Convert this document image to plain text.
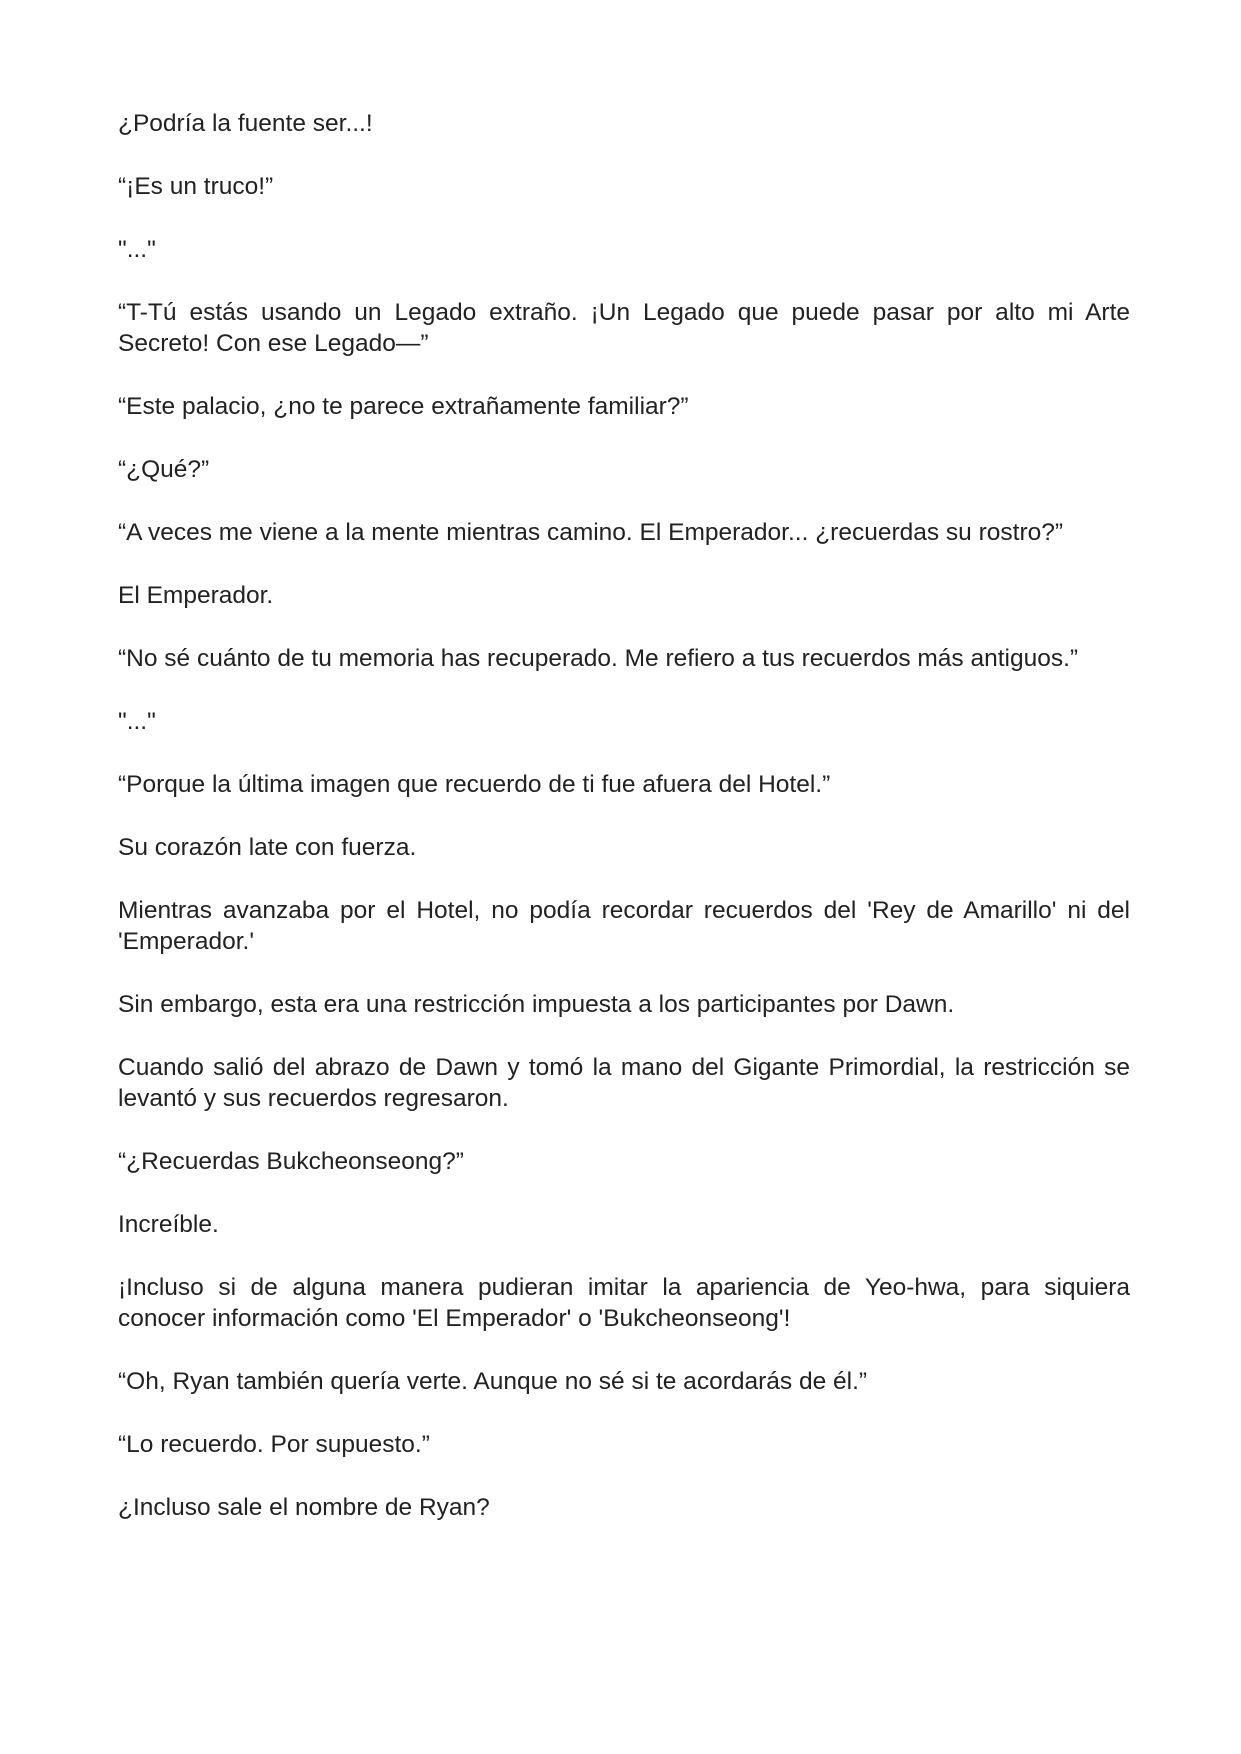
¿Podría la fuente ser...!

“¡Es un truco!”

"..."

“T-Tú estás usando un Legado extraño. ¡Un Legado que puede pasar por alto mi Arte Secreto! Con ese Legado—”

“Este palacio, ¿no te parece extrañamente familiar?”

“¿Qué?”

“A veces me viene a la mente mientras camino. El Emperador... ¿recuerdas su rostro?”

El Emperador.

“No sé cuánto de tu memoria has recuperado. Me refiero a tus recuerdos más antiguos.”

"..."

“Porque la última imagen que recuerdo de ti fue afuera del Hotel.”

Su corazón late con fuerza.

Mientras avanzaba por el Hotel, no podía recordar recuerdos del 'Rey de Amarillo' ni del 'Emperador.'

Sin embargo, esta era una restricción impuesta a los participantes por Dawn.

Cuando salió del abrazo de Dawn y tomó la mano del Gigante Primordial, la restricción se levantó y sus recuerdos regresaron.

“¿Recuerdas Bukcheonseong?”

Increíble.

¡Incluso si de alguna manera pudieran imitar la apariencia de Yeo-hwa, para siquiera conocer información como 'El Emperador' o 'Bukcheonseong'!

“Oh, Ryan también quería verte. Aunque no sé si te acordarás de él.”

“Lo recuerdo. Por supuesto.”

¿Incluso sale el nombre de Ryan?
